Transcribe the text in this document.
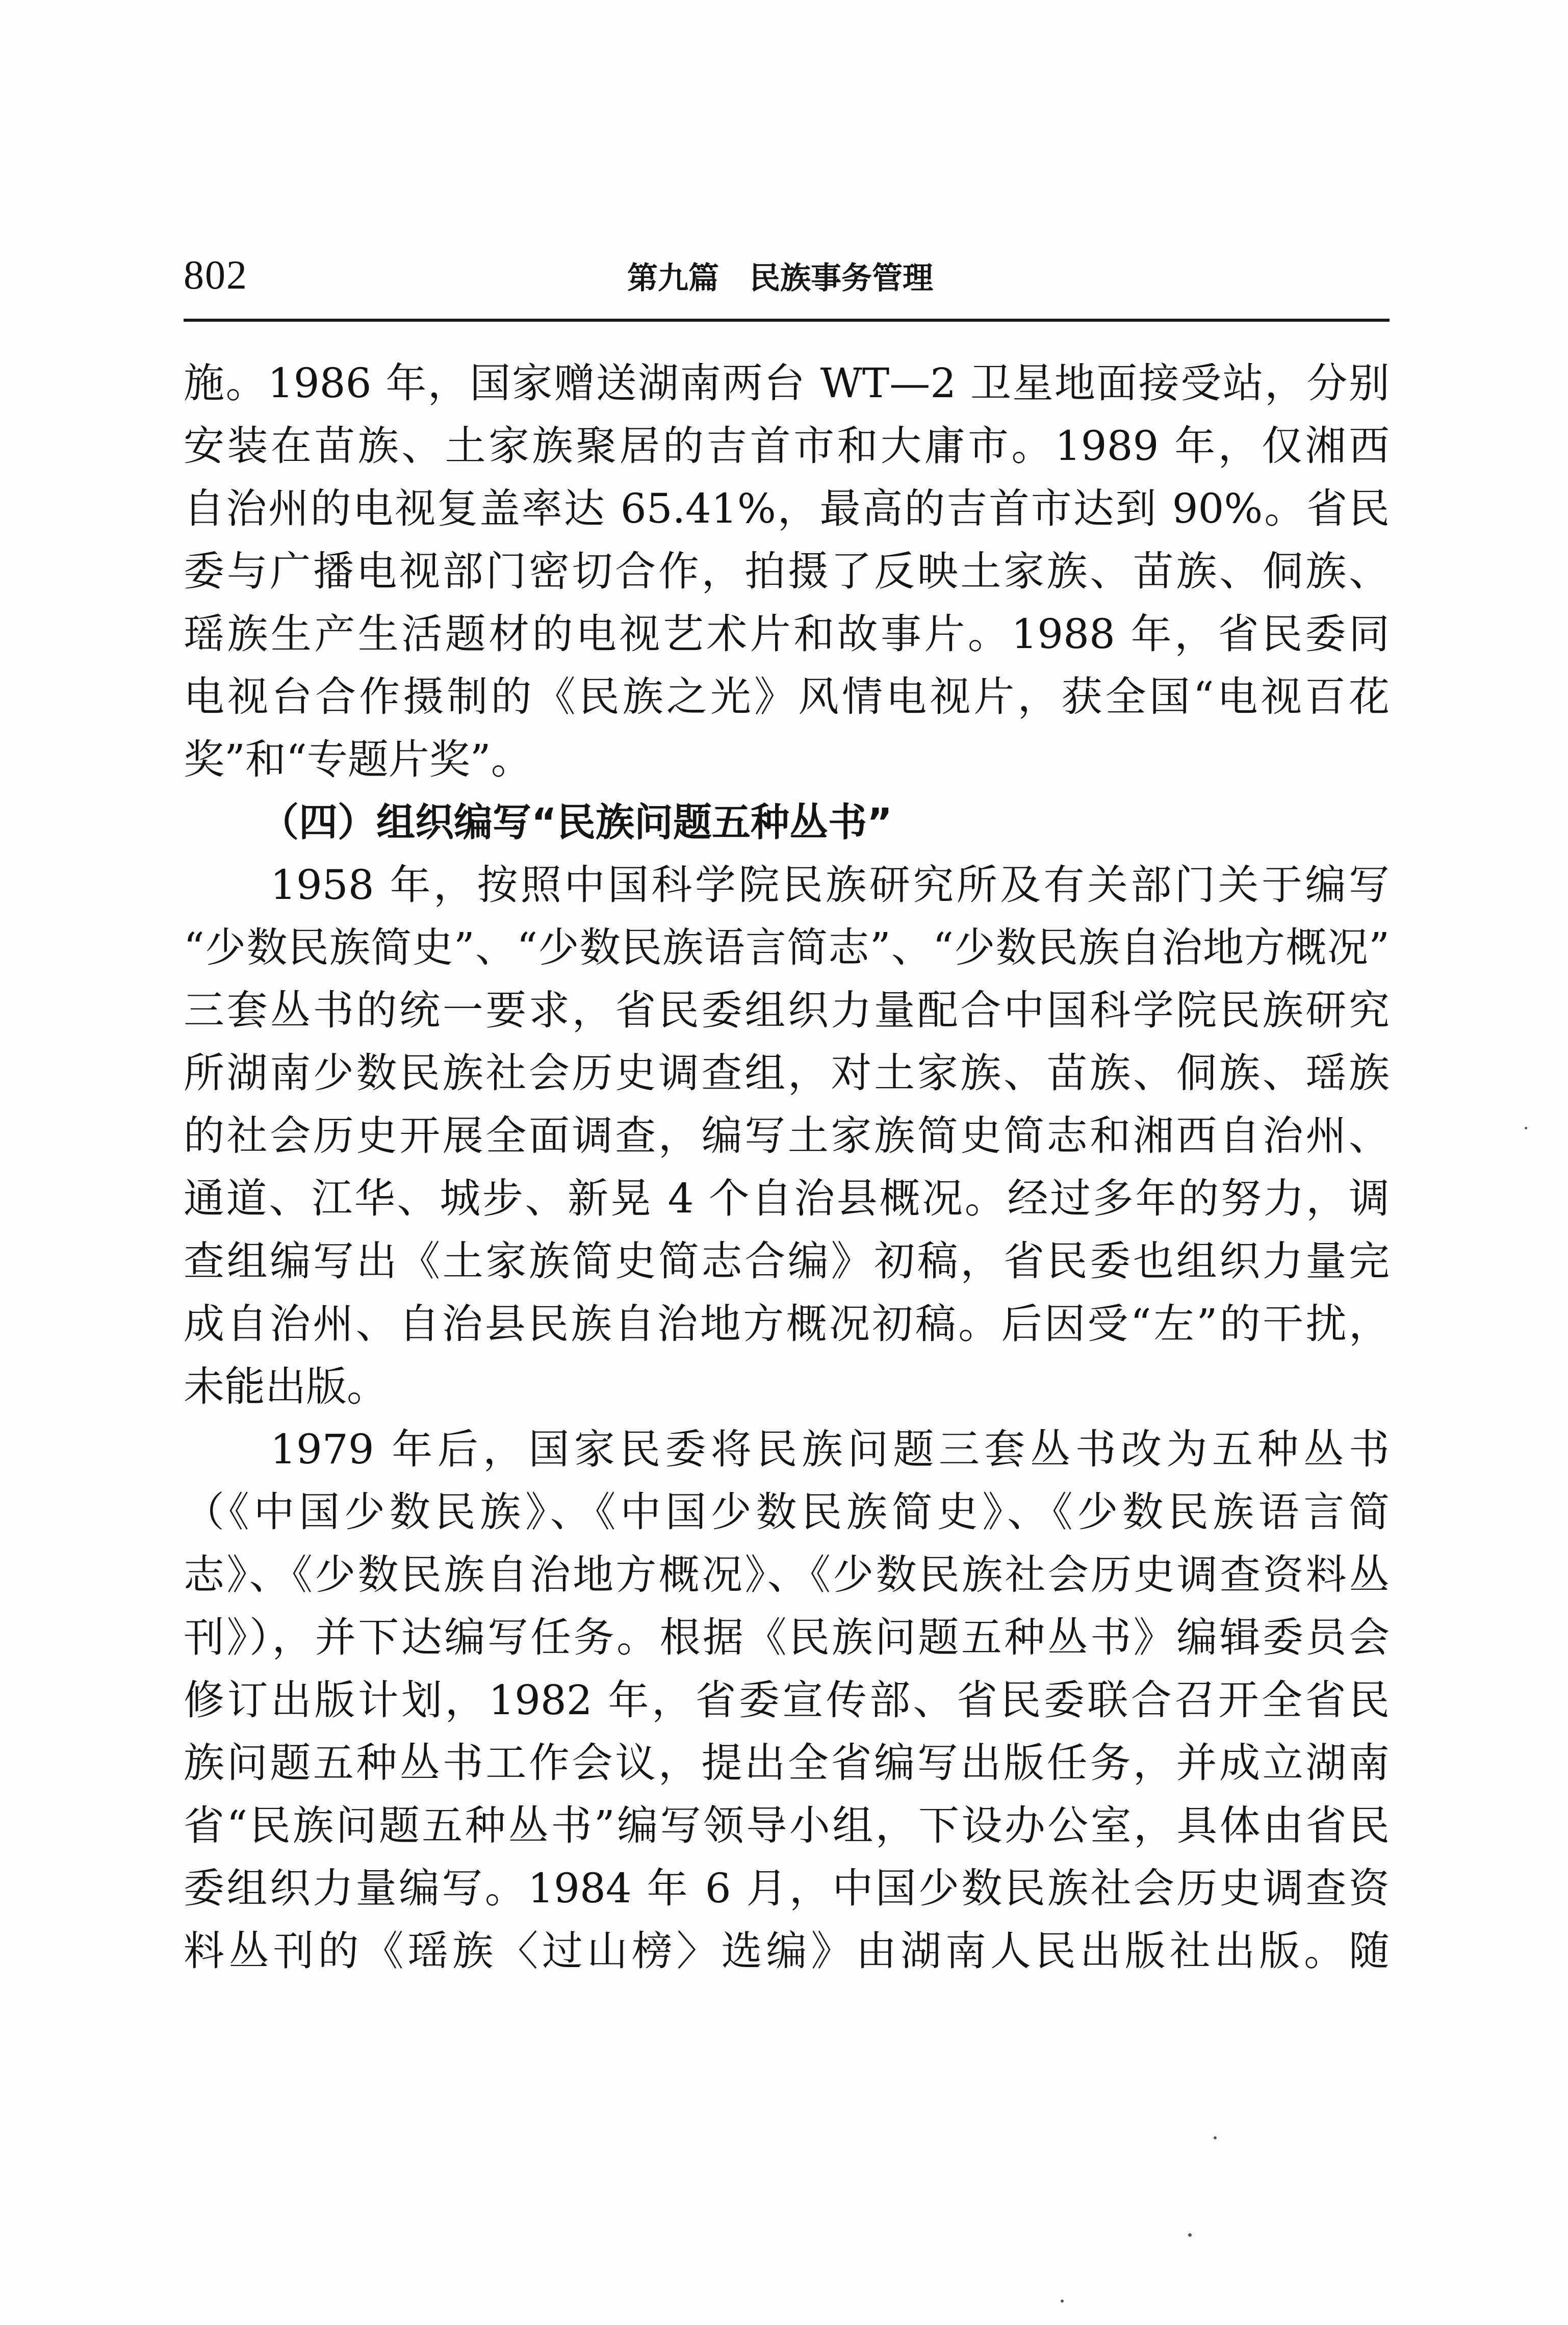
802	第九篇　民族事务管理
施。1986 年，国家赠送湖南两台 WT—2 卫星地面接受站，分别
安装在苗族、土家族聚居的吉首市和大庸市。1989 年，仅湘西
自治州的电视复盖率达 65.41%，最高的吉首市达到 90%。省民
委与广播电视部门密切合作，拍摄了反映土家族、苗族、侗族、
瑶族生产生活题材的电视艺术片和故事片。1988 年，省民委同
电视台合作摄制的《民族之光》风情电视片，获全国“电视百花
奖”和“专题片奖”。
（四）组织编写“民族问题五种丛书”
1958 年，按照中国科学院民族研究所及有关部门关于编写
“少数民族简史”、“少数民族语言简志”、“少数民族自治地方概况”
三套丛书的统一要求，省民委组织力量配合中国科学院民族研究
所湖南少数民族社会历史调查组，对土家族、苗族、侗族、瑶族
的社会历史开展全面调查，编写土家族简史简志和湘西自治州、
通道、江华、城步、新晃 4 个自治县概况。经过多年的努力，调
查组编写出《土家族简史简志合编》初稿，省民委也组织力量完
成自治州、自治县民族自治地方概况初稿。后因受“左”的干扰，
未能出版。
1979 年后，国家民委将民族问题三套丛书改为五种丛书
（《中国少数民族》、《中国少数民族简史》、《少数民族语言简
志》、《少数民族自治地方概况》、《少数民族社会历史调查资料丛
刊》），并下达编写任务。根据《民族问题五种丛书》编辑委员会
修订出版计划，1982 年，省委宣传部、省民委联合召开全省民
族问题五种丛书工作会议，提出全省编写出版任务，并成立湖南
省“民族问题五种丛书”编写领导小组，下设办公室，具体由省民
委组织力量编写。1984 年 6 月，中国少数民族社会历史调查资
料丛刊的《瑶族〈过山榜〉选编》由湖南人民出版社出版。随
